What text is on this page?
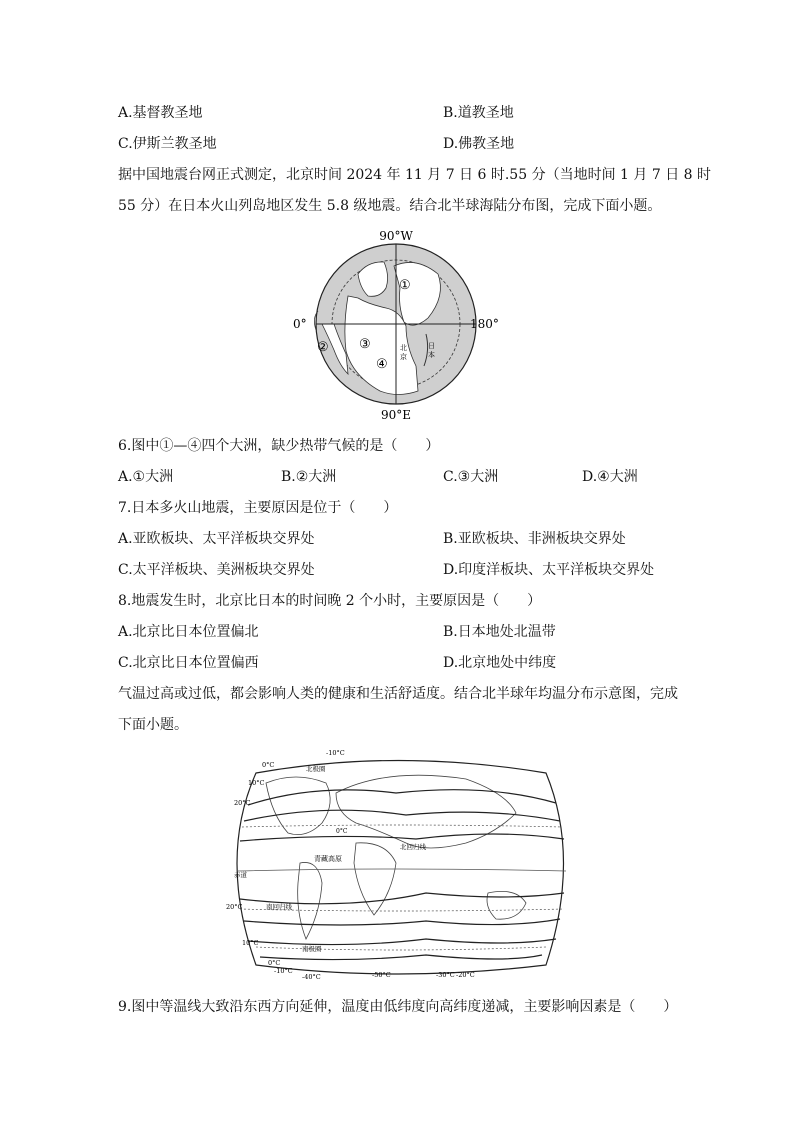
A.基督教圣地	B.道教圣地
C.伊斯兰教圣地	D.佛教圣地
据中国地震台网正式测定，北京时间 2024 年 11 月 7 日 6 时.55 分（当地时间 1 月 7 日 8 时
55 分）在日本火山列岛地区发生 5.8 级地震。结合北半球海陆分布图，完成下面小题。
90°W
90°E
0°	180°
①
② ③
④
北
京
日
本
6.图中①—④四个大洲，缺少热带气候的是（　　）
A.①大洲	B.②大洲	C.③大洲	D.④大洲
7.日本多火山地震，主要原因是位于（　　）
A.亚欧板块、太平洋板块交界处	B.亚欧板块、非洲板块交界处
C.太平洋板块、美洲板块交界处	D.印度洋板块、太平洋板块交界处
8.地震发生时，北京比日本的时间晚 2 个小时，主要原因是（　　）
A.北京比日本位置偏北	B.日本地处北温带
C.北京比日本位置偏西	D.北京地处中纬度
气温过高或过低，都会影响人类的健康和生活舒适度。结合北半球年均温分布示意图，完成
下面小题。
-10°C
0°C
10°C
20°C
北极圈
北回归线
青藏高原
赤道
20°C	南回归线
10°C
南极圈
0°C
-10°C
-40°C	-50°C	-30°C -20°C
0°C
9.图中等温线大致沿东西方向延伸，温度由低纬度向高纬度递减，主要影响因素是（　　）
